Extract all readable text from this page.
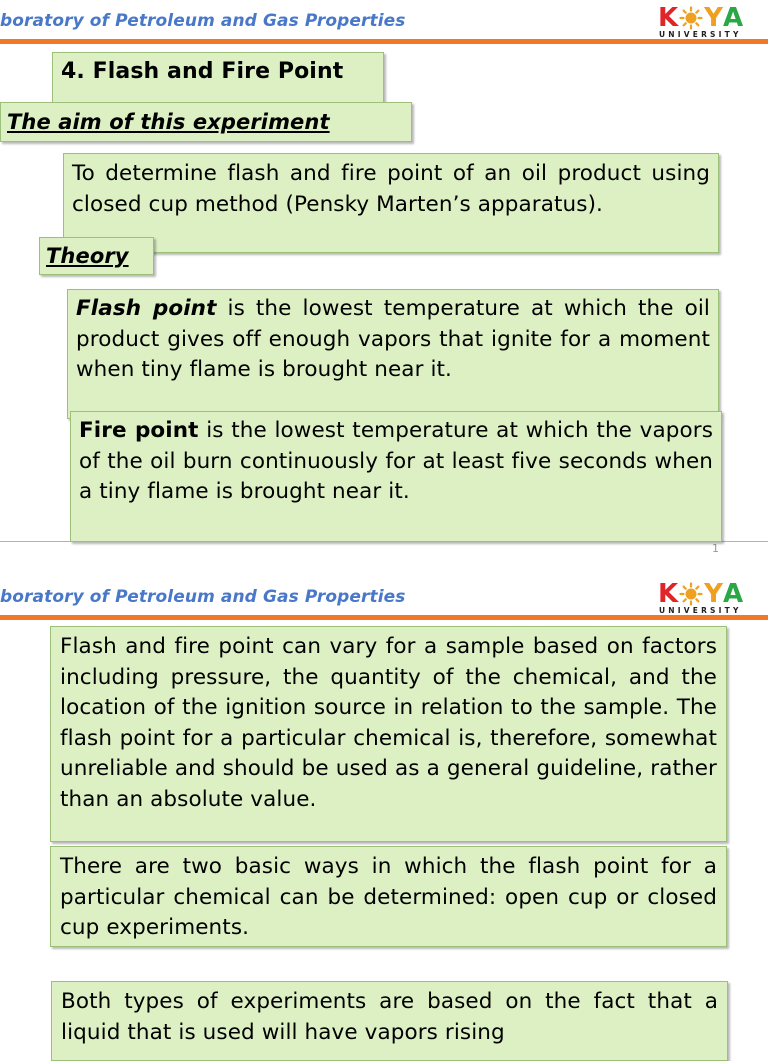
boratory of Petroleum and Gas Properties	K Y A
UNIVERSITY

4. Flash and Fire Point

The aim of this experiment

To determine flash and fire point of an oil product using closed cup method (Pensky Marten’s apparatus).

Theory

Flash point is the lowest temperature at which the oil product gives off enough vapors that ignite for a moment when tiny flame is brought near it.

Fire point is the lowest temperature at which the vapors of the oil burn continuously for at least five seconds when a tiny flame is brought near it.

1
boratory of Petroleum and Gas Properties	K Y A
UNIVERSITY

Flash and fire point can vary for a sample based on factors including pressure, the quantity of the chemical, and the location of the ignition source in relation to the sample. The flash point for a particular chemical is, therefore, somewhat unreliable and should be used as a general guideline, rather than an absolute value.

There are two basic ways in which the flash point for a particular chemical can be determined: open cup or closed cup experiments.

Both types of experiments are based on the fact that a liquid that is used will have vapors rising
